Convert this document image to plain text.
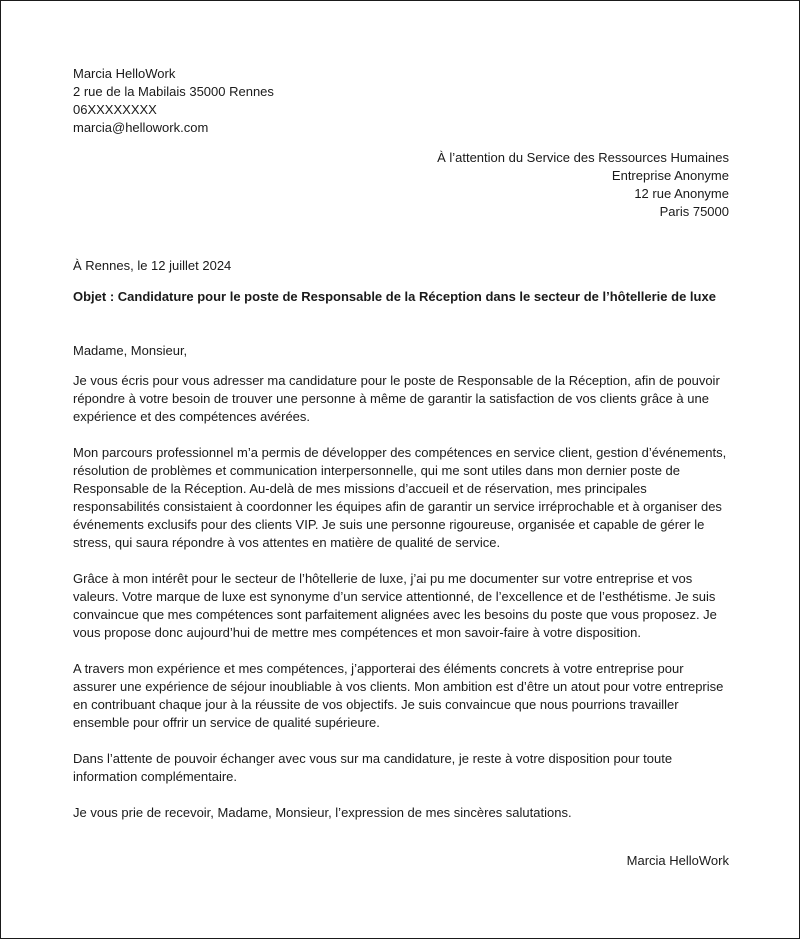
Marcia HelloWork
2 rue de la Mabilais 35000 Rennes
06XXXXXXXX
marcia@hellowork.com
À l’attention du Service des Ressources Humaines
Entreprise Anonyme
12 rue Anonyme
Paris 75000
À Rennes, le 12 juillet 2024
Objet : Candidature pour le poste de Responsable de la Réception dans le secteur de l’hôtellerie de luxe
Madame, Monsieur,

Je vous écris pour vous adresser ma candidature pour le poste de Responsable de la Réception, afin de pouvoir répondre à votre besoin de trouver une personne à même de garantir la satisfaction de vos clients grâce à une expérience et des compétences avérées.

Mon parcours professionnel m’a permis de développer des compétences en service client, gestion d’événements, résolution de problèmes et communication interpersonnelle, qui me sont utiles dans mon dernier poste de Responsable de la Réception. Au-delà de mes missions d’accueil et de réservation, mes principales responsabilités consistaient à coordonner les équipes afin de garantir un service irréprochable et à organiser des événements exclusifs pour des clients VIP. Je suis une personne rigoureuse, organisée et capable de gérer le stress, qui saura répondre à vos attentes en matière de qualité de service.

Grâce à mon intérêt pour le secteur de l’hôtellerie de luxe, j’ai pu me documenter sur votre entreprise et vos valeurs. Votre marque de luxe est synonyme d’un service attentionné, de l’excellence et de l’esthétisme. Je suis convaincue que mes compétences sont parfaitement alignées avec les besoins du poste que vous proposez. Je vous propose donc aujourd’hui de mettre mes compétences et mon savoir-faire à votre disposition.

A travers mon expérience et mes compétences, j’apporterai des éléments concrets à votre entreprise pour assurer une expérience de séjour inoubliable à vos clients. Mon ambition est d’être un atout pour votre entreprise en contribuant chaque jour à la réussite de vos objectifs. Je suis convaincue que nous pourrions travailler ensemble pour offrir un service de qualité supérieure.

Dans l’attente de pouvoir échanger avec vous sur ma candidature, je reste à votre disposition pour toute information complémentaire.

Je vous prie de recevoir, Madame, Monsieur, l’expression de mes sincères salutations.

Marcia HelloWork
